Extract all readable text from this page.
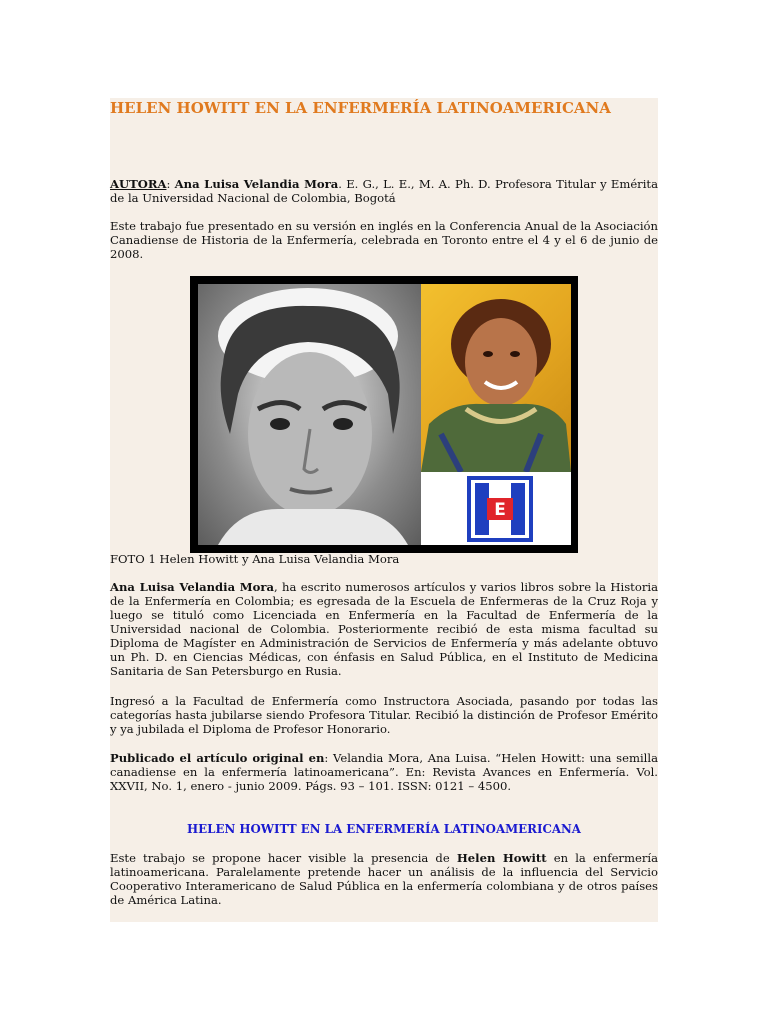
HELEN HOWITT EN LA ENFERMERÍA LATINOAMERICANA

AUTORA: Ana Luisa Velandia Mora. E. G., L. E., M. A. Ph. D. Profesora Titular y Emérita de la Universidad Nacional de Colombia, Bogotá

Este trabajo fue presentado en su versión en inglés en la Conferencia Anual de la Asociación Canadiense de Historia de la Enfermería, celebrada en Toronto entre el 4 y el 6 de junio de 2008.

E

FOTO 1 Helen Howitt y Ana Luisa Velandia Mora

Ana Luisa Velandia Mora, ha escrito numerosos artículos y varios libros sobre la Historia de la Enfermería en Colombia; es egresada de la Escuela de Enfermeras de la Cruz Roja y luego se tituló como Licenciada en Enfermería en la Facultad de Enfermería de la Universidad nacional de Colombia. Posteriormente recibió de esta misma facultad su Diploma de Magíster en Administración de Servicios de Enfermería y más adelante obtuvo un Ph. D. en Ciencias Médicas, con énfasis en Salud Pública, en el Instituto de Medicina Sanitaria de San Petersburgo en Rusia.

Ingresó a la Facultad de Enfermería como Instructora Asociada, pasando por todas las categorías hasta jubilarse siendo Profesora Titular. Recibió la distinción de Profesor Emérito y ya jubilada el Diploma de Profesor Honorario.

Publicado el artículo original en: Velandia Mora, Ana Luisa. “Helen Howitt: una semilla canadiense en la enfermería latinoamericana”. En: Revista Avances en Enfermería. Vol. XXVII, No. 1, enero - junio 2009. Págs. 93 – 101. ISSN: 0121 – 4500.

HELEN HOWITT EN LA ENFERMERÍA LATINOAMERICANA

Este trabajo se propone hacer visible la presencia de Helen Howitt en la enfermería latinoamericana. Paralelamente pretende hacer un análisis de la influencia del Servicio Cooperativo Interamericano de Salud Pública en la enfermería colombiana y de otros países de América Latina.
